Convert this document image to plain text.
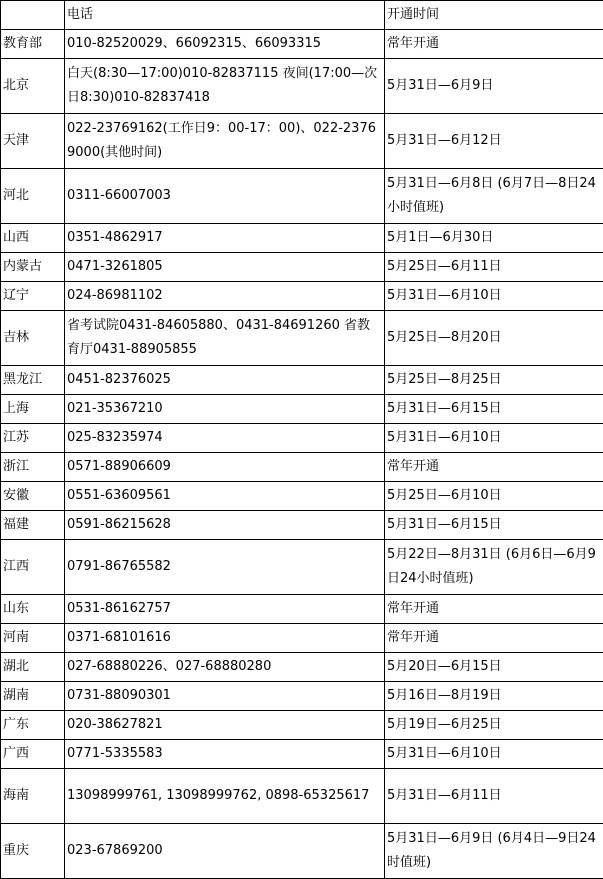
	电话	开通时间
教育部	010-82520029、66092315、66093315	常年开通
北京	白天(8:30—17:00)010-82837115 夜间(17:00—次日8:30)010-82837418	5月31日—6月9日
天津	022-23769162(工作日9：00-17：00)、022-23769000(其他时间)	5月31日—6月12日
河北	0311-66007003	5月31日—6月8日 (6月7日—8日24小时值班)
山西	0351-4862917	5月1日—6月30日
内蒙古	0471-3261805	5月25日—6月11日
辽宁	024-86981102	5月31日—6月10日
吉林	省考试院0431-84605880、0431-84691260 省教育厅0431-88905855	5月25日—8月20日
黑龙江	0451-82376025	5月25日—8月25日
上海	021-35367210	5月31日—6月15日
江苏	025-83235974	5月31日—6月10日
浙江	0571-88906609	常年开通
安徽	0551-63609561	5月25日—6月10日
福建	0591-86215628	5月31日—6月15日
江西	0791-86765582	5月22日—8月31日 (6月6日—6月9日24小时值班)
山东	0531-86162757	常年开通
河南	0371-68101616	常年开通
湖北	027-68880226、027-68880280	5月20日—6月15日
湖南	0731-88090301	5月16日—8月19日
广东	020-38627821	5月19日—6月25日
广西	0771-5335583	5月31日—6月10日
海南	13098999761, 13098999762, 0898-65325617	5月31日—6月11日
重庆	023-67869200	5月31日—6月9日 (6月4日—9日24时值班)
